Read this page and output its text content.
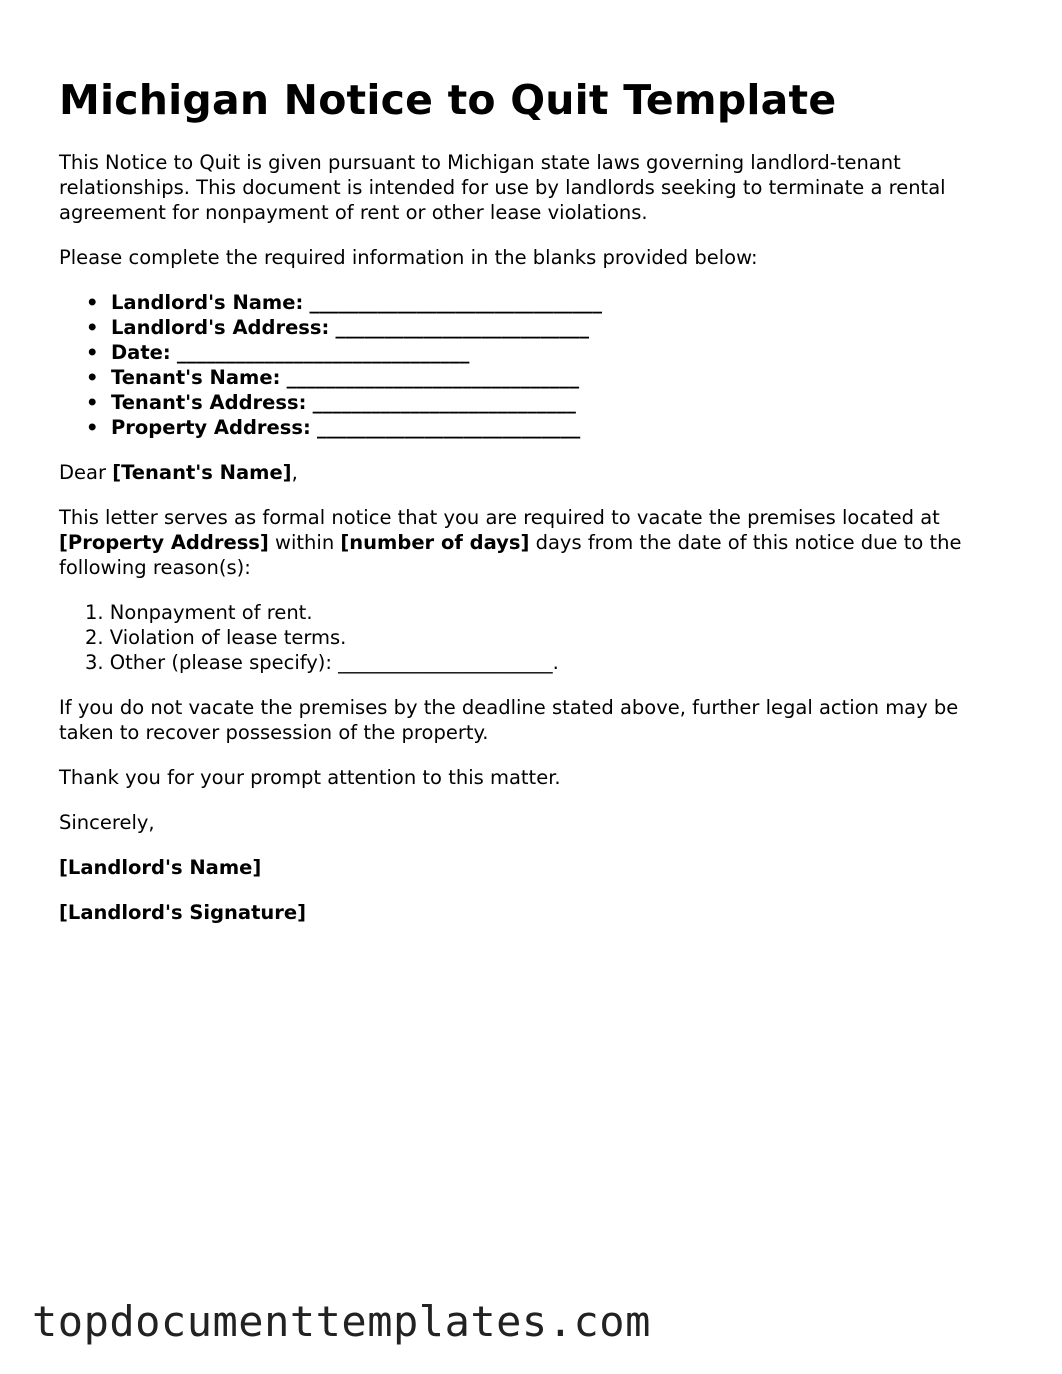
Michigan Notice to Quit Template

This Notice to Quit is given pursuant to Michigan state laws governing landlord-tenant relationships. This document is intended for use by landlords seeking to terminate a rental agreement for nonpayment of rent or other lease violations.

Please complete the required information in the blanks provided below:

• Landlord's Name: ______________________________
• Landlord's Address: __________________________
• Date: ______________________________
• Tenant's Name: ______________________________
• Tenant's Address: ___________________________
• Property Address: ___________________________

Dear [Tenant's Name],

This letter serves as formal notice that you are required to vacate the premises located at [Property Address] within [number of days] days from the date of this notice due to the following reason(s):

1. Nonpayment of rent.
2. Violation of lease terms.
3. Other (please specify): ______________________.

If you do not vacate the premises by the deadline stated above, further legal action may be taken to recover possession of the property.

Thank you for your prompt attention to this matter.

Sincerely,

[Landlord's Name]

[Landlord's Signature]

topdocumenttemplates.com
